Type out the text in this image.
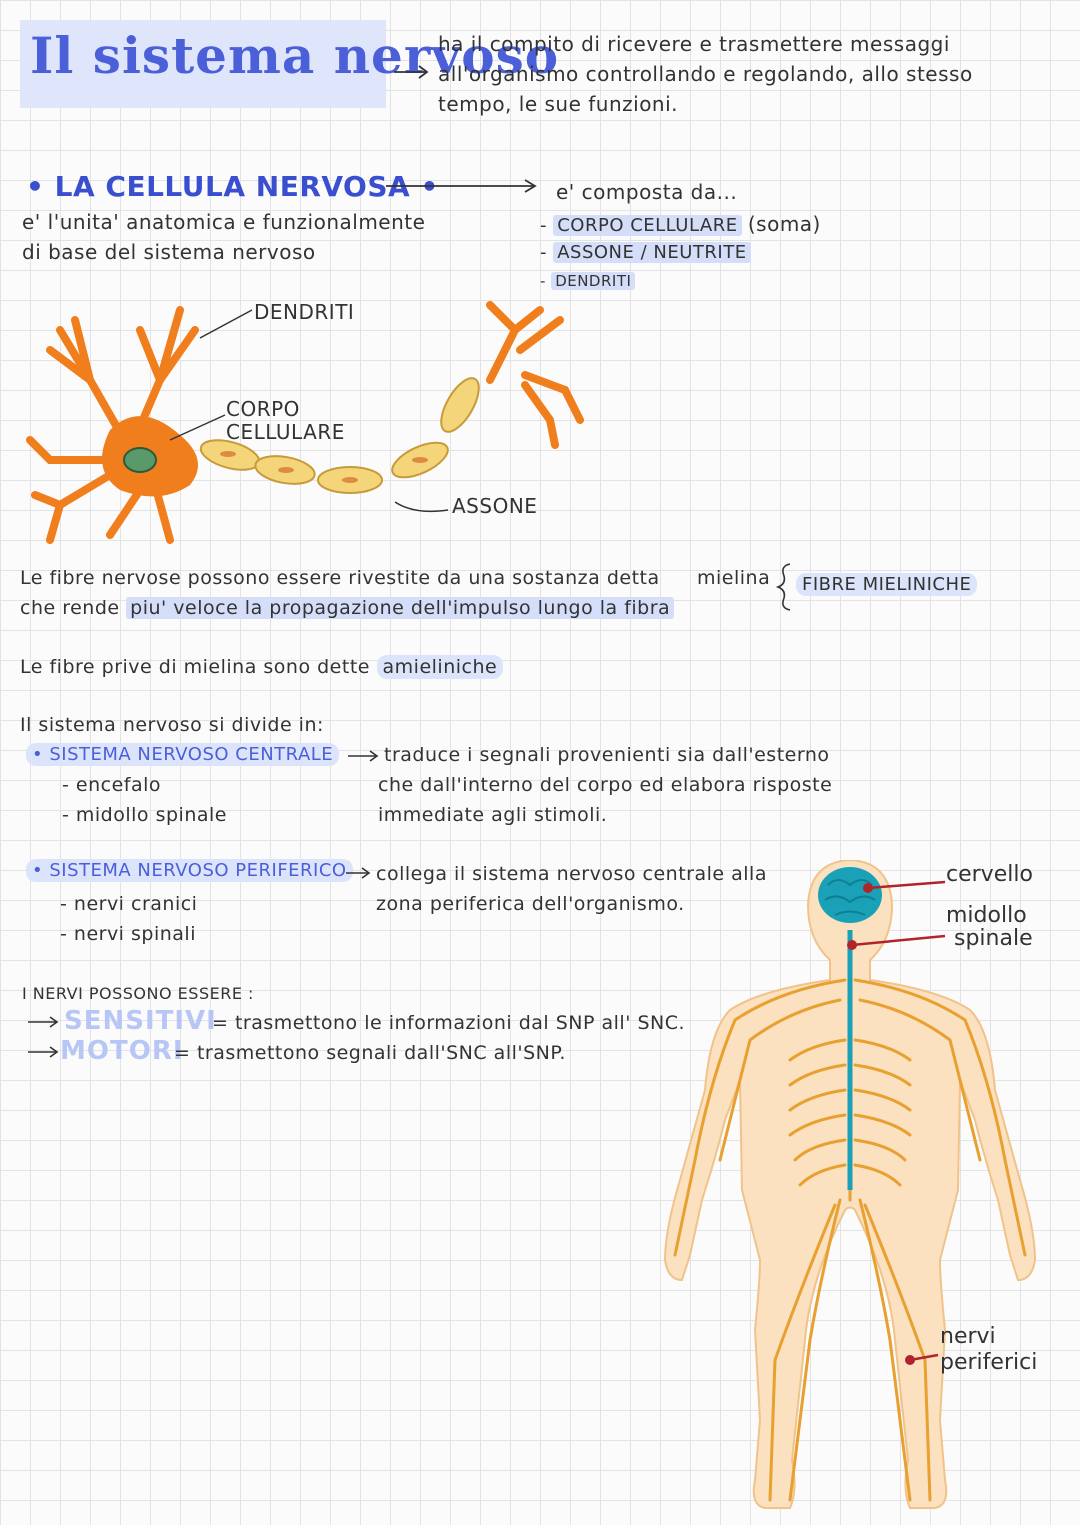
Il sistema nervoso
ha il compito di ricevere e trasmettere messaggi
all'organismo controllando e regolando, allo stesso
tempo, le sue funzioni.
• LA CELLULA NERVOSA •
e' l'unita' anatomica e funzionalmente
di base del sistema nervoso
e' composta da...
- CORPO CELLULARE (soma)
- ASSONE / NEUTRITE
- DENDRITI
DENDRITI
CORPO
CELLULARE
ASSONE
Le fibre nervose possono essere rivestite da una sostanza detta mielina
che rende piu' veloce la propagazione dell'impulso lungo la fibra
FIBRE MIELINICHE
Le fibre prive di mielina sono dette amieliniche
Il sistema nervoso si divide in:
• SISTEMA NERVOSO CENTRALE	traduce i segnali provenienti sia dall'esterno
che dall'interno del corpo ed elabora risposte
immediate agli stimoli.
- encefalo
- midollo spinale
• SISTEMA NERVOSO PERIFERICO	collega il sistema nervoso centrale alla
zona periferica dell'organismo.
- nervi cranici
- nervi spinali
I NERVI POSSONO ESSERE :
SENSITIVI
= trasmettono le informazioni dal SNP all' SNC.
MOTORI
= trasmettono segnali dall'SNC all'SNP.
cervello
midollo
spinale
nervi
periferici
